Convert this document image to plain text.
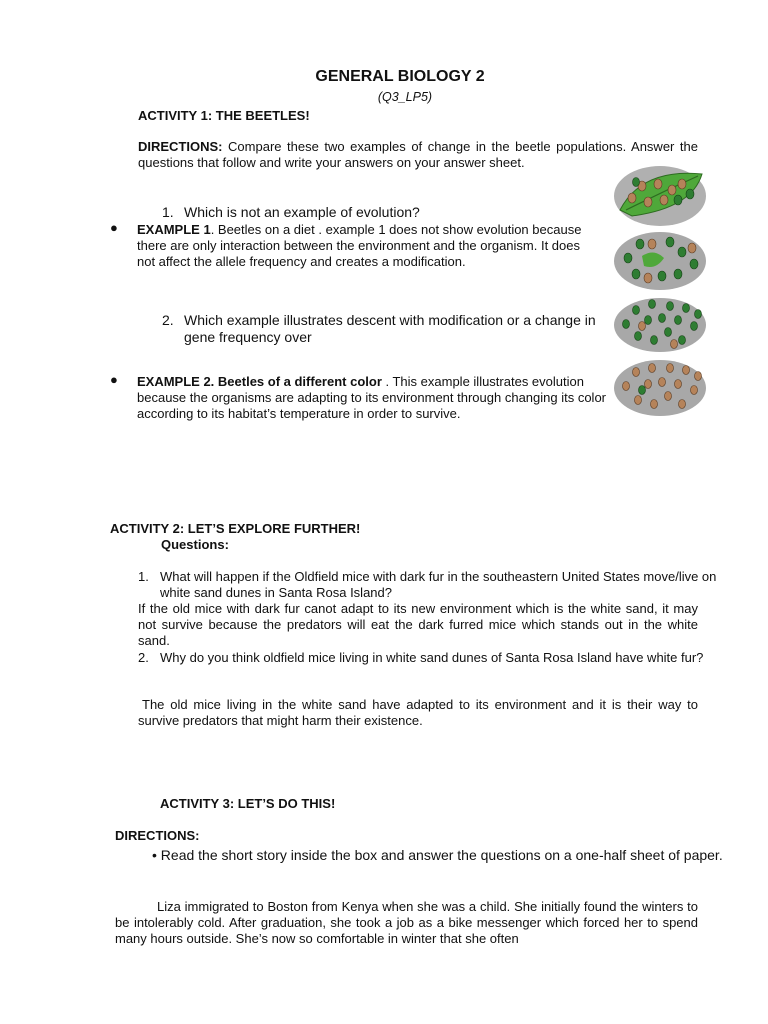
GENERAL BIOLOGY 2
(Q3_LP5)
ACTIVITY 1: THE BEETLES!
DIRECTIONS: Compare these two examples of change in the beetle populations. Answer the questions that follow and write your answers on your answer sheet.
1. Which is not an example of evolution?
● EXAMPLE 1. Beetles on a diet . example 1 does not show evolution because there are only interaction between the environment and the organism. It does not affect the allele frequency and creates a modification.
2. Which example illustrates descent with modification or a change in gene frequency over
● EXAMPLE 2. Beetles of a different color . This example illustrates evolution because the organisms are adapting to its environment through changing its color according to its habitat’s temperature in order to survive.
ACTIVITY 2: LET’S EXPLORE FURTHER!
Questions:
1. What will happen if the Oldfield mice with dark fur in the southeastern United States move/live on white sand dunes in Santa Rosa Island?
If the old mice with dark fur canot adapt to its new environment which is the white sand, it may not survive because the predators will eat the dark furred mice which stands out in the white sand.
2. Why do you think oldfield mice living in white sand dunes of Santa Rosa Island have white fur?
The old mice living in the white sand have adapted to its environment and it is their way to survive predators that might harm their existence.
ACTIVITY 3: LET’S DO THIS!
DIRECTIONS:
• Read the short story inside the box and answer the questions on a one-half sheet of paper.
Liza immigrated to Boston from Kenya when she was a child. She initially found the winters to be intolerably cold. After graduation, she took a job as a bike messenger which forced her to spend many hours outside. She’s now so comfortable in winter that she often
